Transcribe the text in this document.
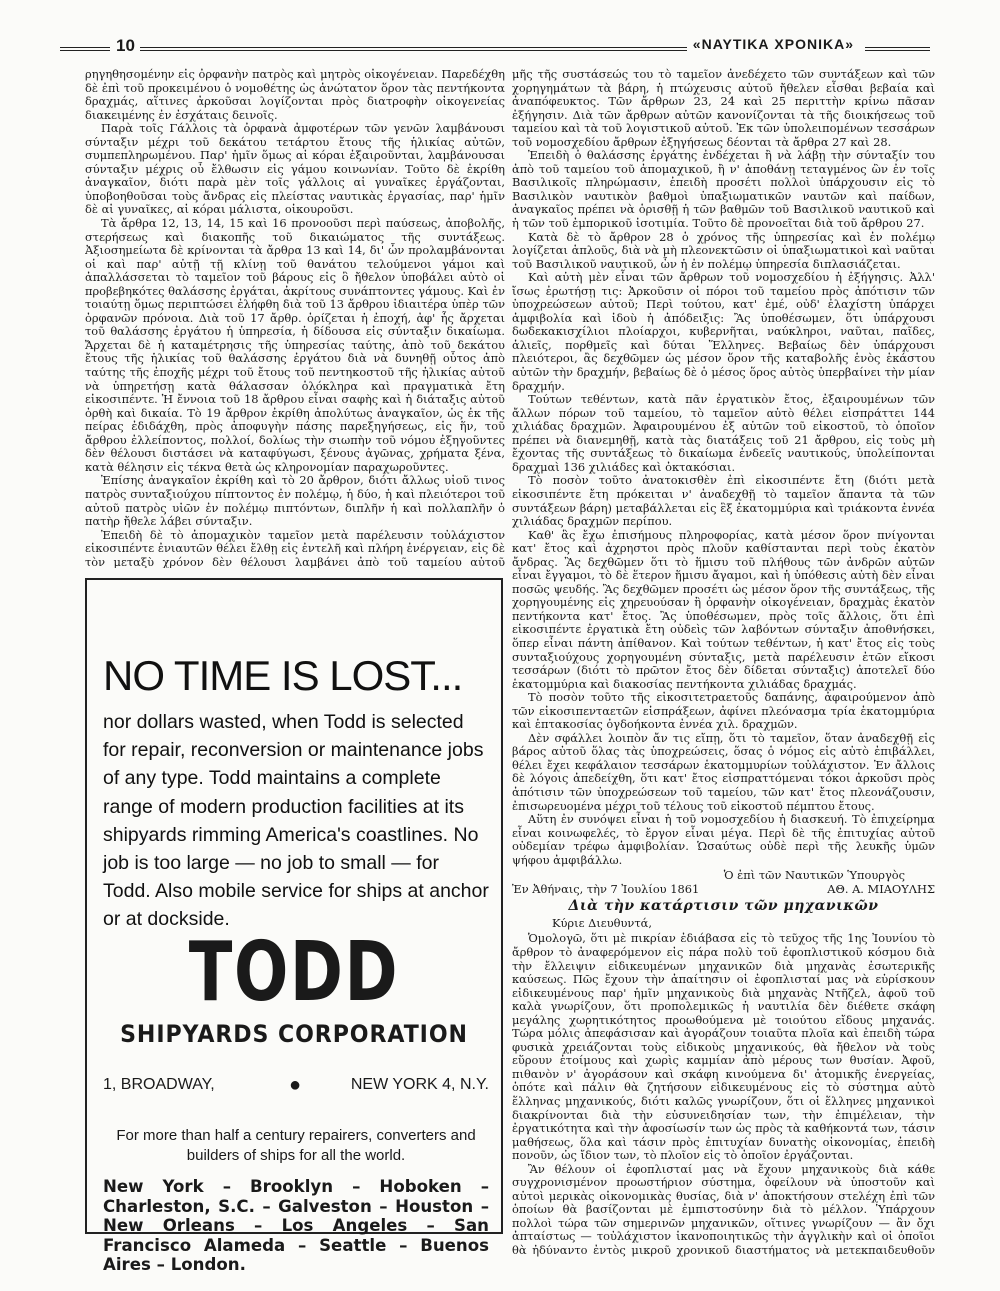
10	«ΝΑΥΤΙΚΑ ΧΡΟΝΙΚΑ»

ρηγηθησομένην εἰς ὀρφανὴν πατρὸς καὶ μητρὸς οἰκογένειαν. Παρεδέχθη δὲ ἐπὶ τοῦ προκειμένου ὁ νομοθέτης ὡς ἀνώτατον ὅρον τὰς πεντήκοντα δραχμάς, αἵτινες ἀρκοῦσαι λογίζονται πρὸς διατροφὴν οἰκογενείας διακειμένης ἐν ἐσχάταις δεινοῖς.

Παρὰ τοῖς Γάλλοις τὰ ὀρφανὰ ἀμφοτέρων τῶν γενῶν λαμβάνουσι σύνταξιν μέχρι τοῦ δεκάτου τετάρτου ἔτους τῆς ἡλικίας αὐτῶν, συμπεπληρωμένου. Παρ' ἡμῖν ὅμως αἱ κόραι ἐξαιροῦνται, λαμβάνουσαι σύνταξιν μέχρις οὗ ἔλθωσιν εἰς γάμου κοινωνίαν. Τοῦτο δὲ ἐκρίθη ἀναγκαῖον, διότι παρὰ μὲν τοῖς γάλλοις αἱ γυναῖκες ἐργάζονται, ὑποβοηθοῦσαι τοὺς ἄνδρας εἰς πλείστας ναυτικὰς ἐργασίας, παρ' ἡμῖν δὲ αἱ γυναῖκες, αἱ κόραι μάλιστα, οἰκουροῦσι.

Τὰ ἄρθρα 12, 13, 14, 15 καὶ 16 προνοοῦσι περὶ παύσεως, ἀποβολῆς, στερήσεως καὶ διακοπῆς τοῦ δικαιώματος τῆς συντάξεως. Ἀξιοσημείωτα δὲ κρίνονται τὰ ἄρθρα 13 καὶ 14, δι' ὧν προλαμβάνονται οἱ καὶ παρ' αὐτῇ τῇ κλίνῃ τοῦ θανάτου τελούμενοι γάμοι καὶ ἀπαλλάσσεται τὸ ταμεῖον τοῦ βάρους εἰς ὃ ἤθελον ὑποβάλει αὐτὸ οἱ προβεβηκότες θαλάσσης ἐργάται, ἀκρίτους συνάπτοντες γάμους. Καὶ ἐν τοιαύτῃ ὅμως περιπτώσει ἐλήφθη διὰ τοῦ 13 ἄρθρου ἰδιαιτέρα ὑπὲρ τῶν ὀρφανῶν πρόνοια. Διὰ τοῦ 17 ἄρθρ. ὁρίζεται ἡ ἐποχή, ἀφ' ἧς ἄρχεται τοῦ θαλάσσης ἐργάτου ἡ ὑπηρεσία, ἡ δίδουσα εἰς σύνταξιν δικαίωμα. Ἄρχεται δὲ ἡ καταμέτρησις τῆς ὑπηρεσίας ταύτης, ἀπὸ τοῦ δεκάτου ἔτους τῆς ἡλικίας τοῦ θαλάσσης ἐργάτου διὰ νὰ δυνηθῇ οὗτος ἀπὸ ταύτης τῆς ἐποχῆς μέχρι τοῦ ἔτους τοῦ πεντηκοστοῦ τῆς ἡλικίας αὐτοῦ νὰ ὑπηρετήσῃ κατὰ θάλασσαν ὁλόκληρα καὶ πραγματικὰ ἔτη εἰκοσιπέντε. Ἡ ἔννοια τοῦ 18 ἄρθρου εἶναι σαφὴς καὶ ἡ διάταξις αὐτοῦ ὀρθὴ καὶ δικαία. Τὸ 19 ἄρθρον ἐκρίθη ἀπολύτως ἀναγκαῖον, ὡς ἐκ τῆς πείρας ἐδιδάχθη, πρὸς ἀποφυγὴν πάσης παρεξηγήσεως, εἰς ἥν, τοῦ ἄρθρου ἐλλείποντος, πολλοί, δολίως τὴν σιωπὴν τοῦ νόμου ἐξηγοῦντες δὲν θέλουσι διστάσει νὰ καταφύγωσι, ξένους ἀγῶνας, χρήματα ξένα, κατὰ θέλησιν εἰς τέκνα θετὰ ὡς κληρονομίαν παραχωροῦντες.

Ἐπίσης ἀναγκαῖον ἐκρίθη καὶ τὸ 20 ἄρθρον, διότι ἄλλως υἱοῦ τινος πατρὸς συνταξιούχου πίπτοντος ἐν πολέμῳ, ἡ δύο, ἡ καὶ πλειότεροι τοῦ αὐτοῦ πατρὸς υἱῶν ἐν πολέμῳ πιπτόντων, διπλῆν ἡ καὶ πολλαπλῆν ὁ πατὴρ ἤθελε λάβει σύνταξιν.

Ἐπειδὴ δὲ τὸ ἀπομαχικὸν ταμεῖον μετὰ παρέλευσιν τοὐλάχιστον εἰκοσιπέντε ἐνιαυτῶν θέλει ἔλθῃ εἰς ἐντελῆ καὶ πλήρη ἐνέργειαν, εἰς δὲ τὸν μεταξὺ χρόνον δὲν θέλουσι λαμβάνει ἀπὸ τοῦ ταμείου αὐτοῦ

NO TIME IS LOST...
nor dollars wasted, when Todd is selected for repair, reconversion or maintenance jobs of any type. Todd maintains a complete range of modern production facilities at its shipyards rimming America's coastlines. No job is too large — no job to small — for Todd. Also mobile service for ships at anchor or at dockside.
TODD
SHIPYARDS CORPORATION
1, BROADWAY,	●	NEW YORK 4, N.Y.
For more than half a century repairers, converters and builders of ships for all the world.
New York – Brooklyn – Hoboken – Charleston, S.C. – Galveston – Houston – New Orleans – Los Angeles – San Francisco Alameda – Seattle – Buenos Aires – London.

μῆς τῆς συστάσεώς του τὸ ταμεῖον ἀνεδέχετο τῶν συντάξεων καὶ τῶν χορηγημάτων τὰ βάρη, ἡ πτώχευσις αὐτοῦ ἤθελεν εἶσθαι βεβαία καὶ ἀναπόφευκτος. Τῶν ἄρθρων 23, 24 καὶ 25 περιττὴν κρίνω πᾶσαν ἐξήγησιν. Διὰ τῶν ἄρθρων αὐτῶν κανονίζονται τὰ τῆς διοικήσεως τοῦ ταμείου καὶ τὰ τοῦ λογιστικοῦ αὐτοῦ. Ἐκ τῶν ὑπολειπομένων τεσσάρων τοῦ νομοσχεδίου ἄρθρων ἐξηγήσεως δέονται τὰ ἄρθρα 27 καὶ 28.

Ἐπειδὴ ὁ θαλάσσης ἐργάτης ἐνδέχεται ἢ νὰ λάβῃ τὴν σύνταξίν του ἀπὸ τοῦ ταμείου τοῦ ἀπομαχικοῦ, ἢ ν' ἀποθάνῃ τεταγμένος ὢν ἐν τοῖς Βασιλικοῖς πληρώμασιν, ἐπειδὴ προσέτι πολλοὶ ὑπάρχουσιν εἰς τὸ Βασιλικὸν ναυτικὸν βαθμοὶ ὑπαξιωματικῶν ναυτῶν καὶ παίδων, ἀναγκαῖος πρέπει νὰ ὁρισθῇ ἡ τῶν βαθμῶν τοῦ Βασιλικοῦ ναυτικοῦ καὶ ἡ τῶν τοῦ ἐμπορικοῦ ἰσοτιμία. Τοῦτο δὲ προνοεῖται διὰ τοῦ ἄρθρου 27.

Κατὰ δὲ τὸ ἄρθρον 28 ὁ χρόνος τῆς ὑπηρεσίας καὶ ἐν πολέμῳ λογίζεται ἁπλοῦς, διὰ νὰ μὴ πλεονεκτῶσιν οἱ ὑπαξιωματικοὶ καὶ ναῦται τοῦ Βασιλικοῦ ναυτικοῦ, ὧν ἡ ἐν πολέμῳ ὑπηρεσία διπλασιάζεται.

Καὶ αὐτὴ μὲν εἶναι τῶν ἄρθρων τοῦ νομοσχεδίου ἡ ἐξήγησις. Ἀλλ' ἴσως ἐρωτήσῃ τις: Ἀρκοῦσιν οἱ πόροι τοῦ ταμείου πρὸς ἀπότισιν τῶν ὑποχρεώσεων αὐτοῦ; Περὶ τούτου, κατ' ἐμέ, οὐδ' ἐλαχίστη ὑπάρχει ἀμφιβολία καὶ ἰδοὺ ἡ ἀπόδειξις: Ἂς ὑποθέσωμεν, ὅτι ὑπάρχουσι δωδεκακισχίλιοι πλοίαρχοι, κυβερνῆται, ναύκληροι, ναῦται, παῖδες, ἁλιεῖς, πορθμεῖς καὶ δύται Ἕλληνες. Βεβαίως δὲν ὑπάρχουσι πλειότεροι, ἂς δεχθῶμεν ὡς μέσον ὅρον τῆς καταβολῆς ἑνὸς ἑκάστου αὐτῶν τὴν δραχμήν, βεβαίως δὲ ὁ μέσος ὅρος αὐτὸς ὑπερβαίνει τὴν μίαν δραχμήν.

Τούτων τεθέντων, κατὰ πᾶν ἐργατικὸν ἔτος, ἐξαιρουμένων τῶν ἄλλων πόρων τοῦ ταμείου, τὸ ταμεῖον αὐτὸ θέλει εἰσπράττει 144 χιλιάδας δραχμῶν. Ἀφαιρουμένου ἐξ αὐτῶν τοῦ εἰκοστοῦ, τὸ ὁποῖον πρέπει νὰ διανεμηθῇ, κατὰ τὰς διατάξεις τοῦ 21 ἄρθρου, εἰς τοὺς μὴ ἔχοντας τῆς συντάξεως τὸ δικαίωμα ἐνδεεῖς ναυτικούς, ὑπολείπονται δραχμαὶ 136 χιλιάδες καὶ ὀκτακόσιαι.

Τὸ ποσὸν τοῦτο ἀνατοκισθὲν ἐπὶ εἰκοσιπέντε ἔτη (διότι μετὰ εἰκοσιπέντε ἔτη πρόκειται ν' ἀναδεχθῇ τὸ ταμεῖον ἅπαντα τὰ τῶν συντάξεων βάρη) μεταβάλλεται εἰς ἓξ ἑκατομμύρια καὶ τριάκοντα ἐννέα χιλιάδας δραχμῶν περίπου.

Καθ' ἃς ἔχω ἐπισήμους πληροφορίας, κατὰ μέσον ὅρον πνίγονται κατ' ἔτος καὶ ἀχρηστοι πρὸς πλοῦν καθίστανται περὶ τοὺς ἑκατὸν ἄνδρας. Ἂς δεχθῶμεν ὅτι τὸ ἥμισυ τοῦ πλήθους τῶν ἀνδρῶν αὐτῶν εἶναι ἔγγαμοι, τὸ δὲ ἕτερον ἥμισυ ἄγαμοι, καὶ ἡ ὑπόθεσις αὐτὴ δὲν εἶναι ποσῶς ψευδής. Ἂς δεχθῶμεν προσέτι ὡς μέσον ὅρον τῆς συντάξεως, τῆς χορηγουμένης εἰς χηρευούσαν ἢ ὀρφανὴν οἰκογένειαν, δραχμὰς ἑκατὸν πεντήκοντα κατ' ἔτος. Ἂς ὑποθέσωμεν, πρὸς τοῖς ἄλλοις, ὅτι ἐπὶ εἰκοσιπέντε ἐργατικὰ ἔτη οὐδεὶς τῶν λαβόντων σύνταξιν ἀποθνήσκει, ὅπερ εἶναι πάντη ἀπίθανον. Καὶ τούτων τεθέντων, ἡ κατ' ἔτος εἰς τοὺς συνταξιούχους χορηγουμένη σύνταξις, μετὰ παρέλευσιν ἐτῶν εἴκοσι τεσσάρων (διότι τὸ πρῶτον ἔτος δὲν δίδεται σύνταξις) ἀποτελεῖ δύο ἑκατομμύρια καὶ διακοσίας πεντήκοντα χιλιάδας δραχμάς.

Τὸ ποσὸν τοῦτο τῆς εἰκοσιτετραετοῦς δαπάνης, ἀφαιρούμενον ἀπὸ τῶν εἰκοσιπενταετῶν εἰσπράξεων, ἀφίνει πλεόνασμα τρία ἑκατομμύρια καὶ ἑπτακοσίας ὀγδοήκοντα ἐννέα χιλ. δραχμῶν.

Δὲν σφάλλει λοιπὸν ἄν τις εἴπῃ, ὅτι τὸ ταμεῖον, ὅταν ἀναδεχθῇ εἰς βάρος αὐτοῦ ὅλας τὰς ὑποχρεώσεις, ὅσας ὁ νόμος εἰς αὐτὸ ἐπιβάλλει, θέλει ἔχει κεφάλαιον τεσσάρων ἑκατομμυρίων τοὐλάχιστον. Ἐν ἄλλοις δὲ λόγοις ἀπεδείχθη, ὅτι κατ' ἔτος εἰσπραττόμεναι τόκοι ἀρκοῦσι πρὸς ἀπότισιν τῶν ὑποχρεώσεων τοῦ ταμείου, τῶν κατ' ἔτος πλεονάζουσιν, ἐπισωρευομένα μέχρι τοῦ τέλους τοῦ εἰκοστοῦ πέμπτου ἔτους.

Αὕτη ἐν συνόψει εἶναι ἡ τοῦ νομοσχεδίου ἡ διασκευή. Τὸ ἐπιχείρημα εἶναι κοινωφελές, τὸ ἔργον εἶναι μέγα. Περὶ δὲ τῆς ἐπιτυχίας αὐτοῦ οὐδεμίαν τρέφω ἀμφιβολίαν. Ὡσαύτως οὐδὲ περὶ τῆς λευκῆς ὑμῶν ψήφου ἀμφιβάλλω.

Ὁ ἐπὶ τῶν Ναυτικῶν Ὑπουργὸς
Ἐν Ἀθήναις, τὴν 7 Ἰουλίου 1861	ΑΘ. Α. ΜΙΑΟΥΛΗΣ
Διὰ τὴν κατάρτισιν τῶν μηχανικῶν

Κύριε Διευθυντά,

Ὁμολογῶ, ὅτι μὲ πικρίαν ἐδιάβασα εἰς τὸ τεῦχος τῆς 1ης Ἰουνίου τὸ ἄρθρον τὸ ἀναφερόμενον εἰς πάρα πολὺ τοῦ ἐφοπλιστικοῦ κόσμου διὰ τὴν ἔλλειψιν εἰδικευμένων μηχανικῶν διὰ μηχανὰς ἐσωτερικῆς καύσεως. Πῶς ἔχουν τὴν ἀπαίτησιν οἱ ἐφοπλισταί μας νὰ εὑρίσκουν εἰδικευμένους παρ' ἡμῖν μηχανικοὺς διὰ μηχανὰς Ντῆζελ, ἀφοῦ τοῦ καλὰ γνωρίζουν, ὅτι προπολεμικῶς ἡ ναυτιλία δὲν διέθετε σκάφη μεγάλης χωρητικότητος προωθούμενα μὲ τοιούτου εἴδους μηχανάς. Τώρα μόλις ἀπεφάσισαν καὶ ἀγοράζουν τοιαῦτα πλοῖα καὶ ἐπειδὴ τώρα φυσικὰ χρειάζονται τοὺς εἰδικοὺς μηχανικούς, θὰ ἤθελον νὰ τοὺς εὕρουν ἑτοίμους καὶ χωρὶς καμμίαν ἀπὸ μέρους των θυσίαν. Ἀφοῦ, πιθανὸν ν' ἀγοράσουν καὶ σκάφη κινούμενα δι' ἀτομικῆς ἐνεργείας, ὁπότε καὶ πάλιν θὰ ζητήσουν εἰδικευμένους εἰς τὸ σύστημα αὐτὸ ἕλληνας μηχανικούς, διότι καλῶς γνωρίζουν, ὅτι οἱ ἕλληνες μηχανικοὶ διακρίνονται διὰ τὴν εὐσυνειδησίαν των, τὴν ἐπιμέλειαν, τὴν ἐργατικότητα καὶ τὴν ἀφοσίωσίν των ὡς πρὸς τὰ καθήκοντά των, τάσιν μαθήσεως, ὅλα καὶ τάσιν πρὸς ἐπιτυχίαν δυνατὴς οἰκονομίας, ἐπειδὴ πονοῦν, ὡς ἴδιον των, τὸ πλοῖον εἰς τὸ ὁποῖον ἐργάζονται.

Ἂν θέλουν οἱ ἐφοπλισταί μας νὰ ἔχουν μηχανικοὺς διὰ κάθε συγχρονισμένον προωστήριον σύστημα, ὀφείλουν νὰ ὑποστοῦν καὶ αὐτοὶ μερικὰς οἰκονομικὰς θυσίας, διὰ ν' ἀποκτήσουν στελέχη ἐπὶ τῶν ὁποίων θὰ βασίζονται μὲ ἐμπιστοσύνην διὰ τὸ μέλλον. Ὑπάρχουν πολλοὶ τώρα τῶν σημερινῶν μηχανικῶν, οἵτινες γνωρίζουν — ἂν ὄχι ἀπταίστως — τοὐλάχιστον ἱκανοποιητικῶς τὴν ἀγγλικὴν καὶ οἱ ὁποῖοι θὰ ἠδύναντο ἐντὸς μικροῦ χρονικοῦ διαστήματος νὰ μετεκπαιδευθοῦν
